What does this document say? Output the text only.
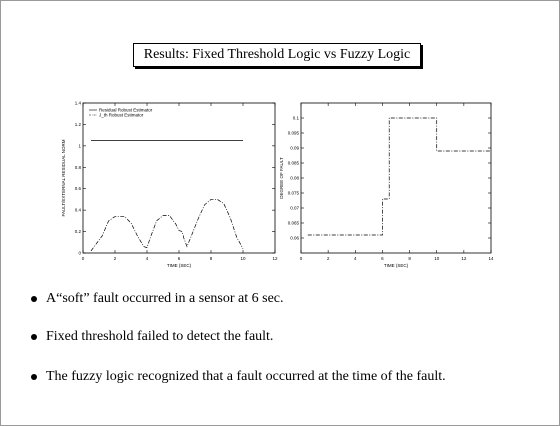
Results: Fixed Threshold Logic vs Fuzzy Logic
0	2	4	6	8	10	12
0
0.2
0.4
0.6
0.8
1
1.2
1.4
TIME (SEC)
FAULT/EXTERNAL RESIDUAL NORM
Residual Robust Estimator
J_th Robust Estimator
0	2	4	6	8	10	12	14
0.06
0.065
0.07
0.075
0.08
0.085
0.09
0.095
0.1
TIME (SEC)
DEGREE OF FAULT
A“soft” fault occurred in a sensor at 6 sec.
Fixed threshold failed to detect the fault.
The fuzzy logic recognized that a fault occurred at the time of the fault.
